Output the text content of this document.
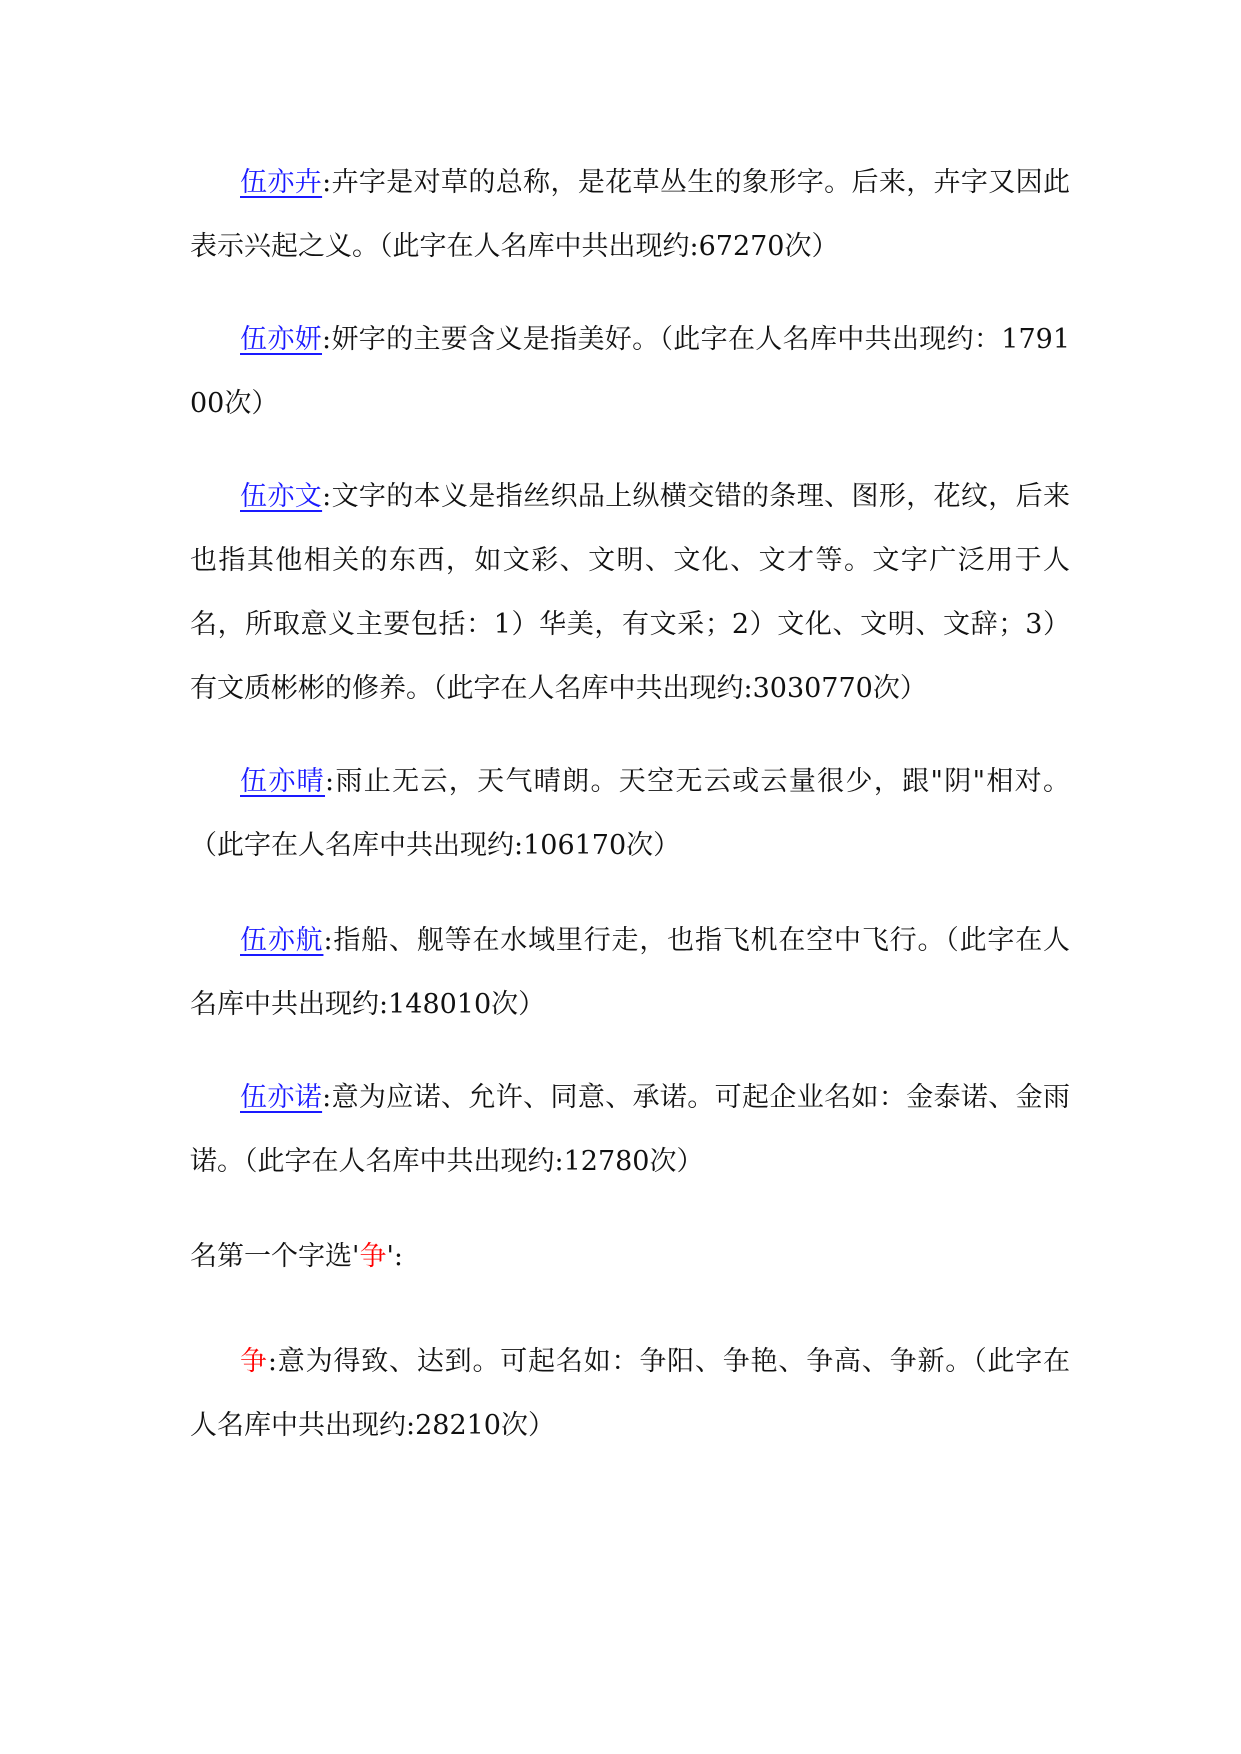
伍亦卉:卉字是对草的总称，是花草丛生的象形字。后来，卉字又因此表示兴起之义。（此字在人名库中共出现约:67270次）

伍亦妍:妍字的主要含义是指美好。（此字在人名库中共出现约：179100次）

伍亦文:文字的本义是指丝织品上纵横交错的条理、图形，花纹，后来也指其他相关的东西，如文彩、文明、文化、文才等。文字广泛用于人名，所取意义主要包括：1）华美，有文采；2）文化、文明、文辞；3）有文质彬彬的修养。（此字在人名库中共出现约:3030770次）

伍亦晴:雨止无云，天气晴朗。天空无云或云量很少，跟"阴"相对。（此字在人名库中共出现约:106170次）

伍亦航:指船、舰等在水域里行走，也指飞机在空中飞行。（此字在人名库中共出现约:148010次）

伍亦诺:意为应诺、允许、同意、承诺。可起企业名如：金泰诺、金雨诺。（此字在人名库中共出现约:12780次）

名第一个字选'争':

争:意为得致、达到。可起名如：争阳、争艳、争高、争新。（此字在人名库中共出现约:28210次）
